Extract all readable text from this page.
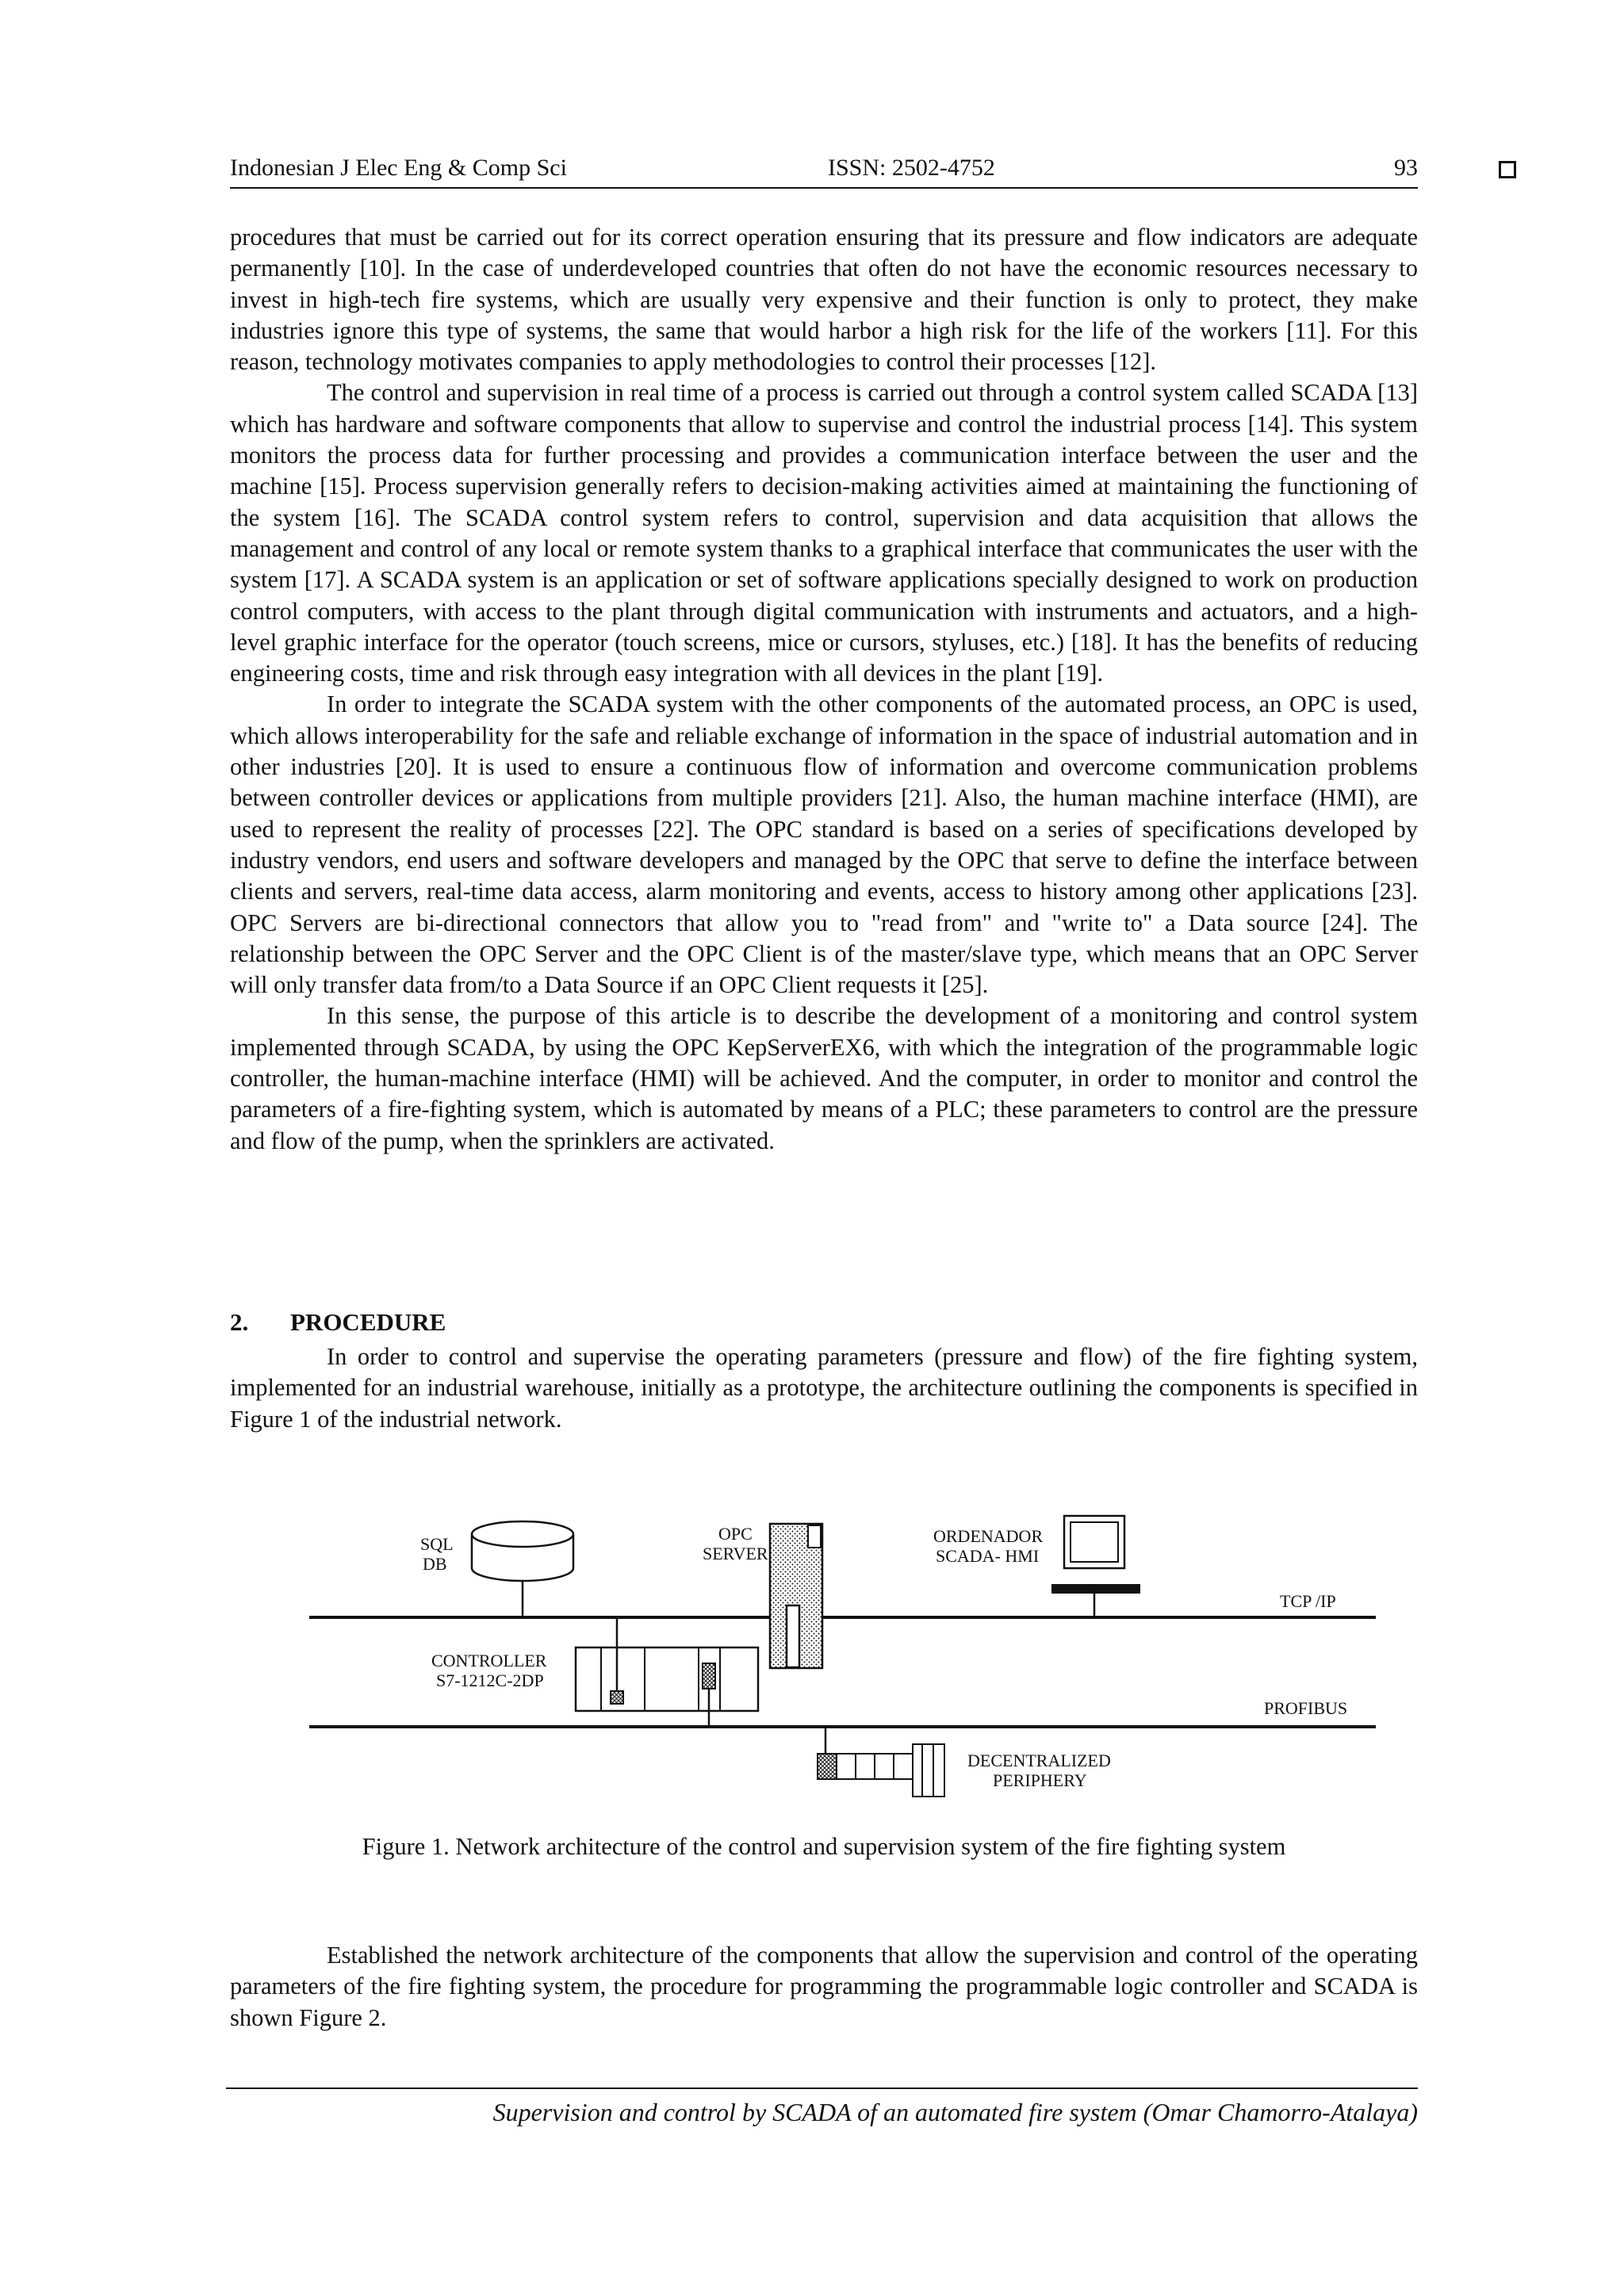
Indonesian J Elec Eng & Comp Sci	ISSN: 2502-4752	93

procedures that must be carried out for its correct operation ensuring that its pressure and flow indicators are adequate permanently [10]. In the case of underdeveloped countries that often do not have the economic resources necessary to invest in high-tech fire systems, which are usually very expensive and their function is only to protect, they make industries ignore this type of systems, the same that would harbor a high risk for the life of the workers [11]. For this reason, technology motivates companies to apply methodologies to control their processes [12].

The control and supervision in real time of a process is carried out through a control system called SCADA [13] which has hardware and software components that allow to supervise and control the industrial process [14]. This system monitors the process data for further processing and provides a communication interface between the user and the machine [15]. Process supervision generally refers to decision-making activities aimed at maintaining the functioning of the system [16]. The SCADA control system refers to control, supervision and data acquisition that allows the management and control of any local or remote system thanks to a graphical interface that communicates the user with the system [17]. A SCADA system is an application or set of software applications specially designed to work on production control computers, with access to the plant through digital communication with instruments and actuators, and a high-level graphic interface for the operator (touch screens, mice or cursors, styluses, etc.) [18]. It has the benefits of reducing engineering costs, time and risk through easy integration with all devices in the plant [19].

In order to integrate the SCADA system with the other components of the automated process, an OPC is used, which allows interoperability for the safe and reliable exchange of information in the space of industrial automation and in other industries [20]. It is used to ensure a continuous flow of information and overcome communication problems between controller devices or applications from multiple providers [21]. Also, the human machine interface (HMI), are used to represent the reality of processes [22]. The OPC standard is based on a series of specifications developed by industry vendors, end users and software developers and managed by the OPC that serve to define the interface between clients and servers, real-time data access, alarm monitoring and events, access to history among other applications [23]. OPC Servers are bi-directional connectors that allow you to "read from" and "write to" a Data source [24]. The relationship between the OPC Server and the OPC Client is of the master/slave type, which means that an OPC Server will only transfer data from/to a Data Source if an OPC Client requests it [25].

In this sense, the purpose of this article is to describe the development of a monitoring and control system implemented through SCADA, by using the OPC KepServerEX6, with which the integration of the programmable logic controller, the human-machine interface (HMI) will be achieved. And the computer, in order to monitor and control the parameters of a fire-fighting system, which is automated by means of a PLC; these parameters to control are the pressure and flow of the pump, when the sprinklers are activated.

2. PROCEDURE

In order to control and supervise the operating parameters (pressure and flow) of the fire fighting system, implemented for an industrial warehouse, initially as a prototype, the architecture outlining the components is specified in Figure 1 of the industrial network.

SQL
DB
OPC
SERVER
ORDENADOR
SCADA- HMI
TCP /IP
CONTROLLER
S7-1212C-2DP
PROFIBUS
DECENTRALIZED
PERIPHERY
Figure 1. Network architecture of the control and supervision system of the fire fighting system

Established the network architecture of the components that allow the supervision and control of the operating parameters of the fire fighting system, the procedure for programming the programmable logic controller and SCADA is shown Figure 2.

Supervision and control by SCADA of an automated fire system (Omar Chamorro-Atalaya)
